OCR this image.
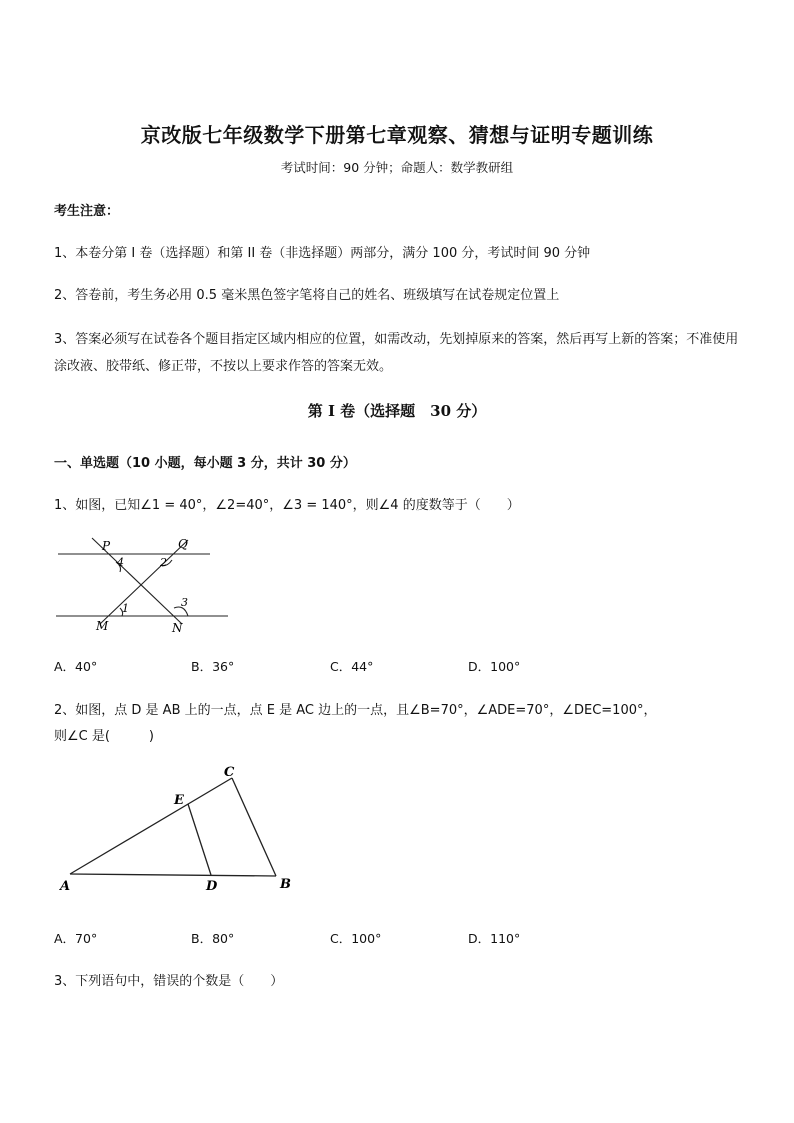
京改版七年级数学下册第七章观察、猜想与证明专题训练
考试时间：90 分钟；命题人：数学教研组
考生注意：
1、本卷分第 I 卷（选择题）和第 II 卷（非选择题）两部分，满分 100 分，考试时间 90 分钟
2、答卷前，考生务必用 0.5 毫米黑色签字笔将自己的姓名、班级填写在试卷规定位置上
3、答案必须写在试卷各个题目指定区域内相应的位置，如需改动，先划掉原来的答案，然后再写上新的答案；不准使用涂改液、胶带纸、修正带，不按以上要求作答的答案无效。
第 I 卷（选择题　30 分）
一、单选题（10 小题，每小题 3 分，共计 30 分）
1、如图，已知∠1 = 40°，∠2=40°，∠3 = 140°，则∠4 的度数等于（　　）
P	Q
M	N
1
2
3
4
A．40°	B．36°	C．44°	D．100°
2、如图，点 D 是 AB 上的一点，点 E 是 AC 边上的一点，且∠B=70°，∠ADE=70°，∠DEC=100°，
则∠C 是(　　　)
A	B
C
D
E
A．70°	B．80°	C．100°	D．110°
3、下列语句中，错误的个数是（　　）
